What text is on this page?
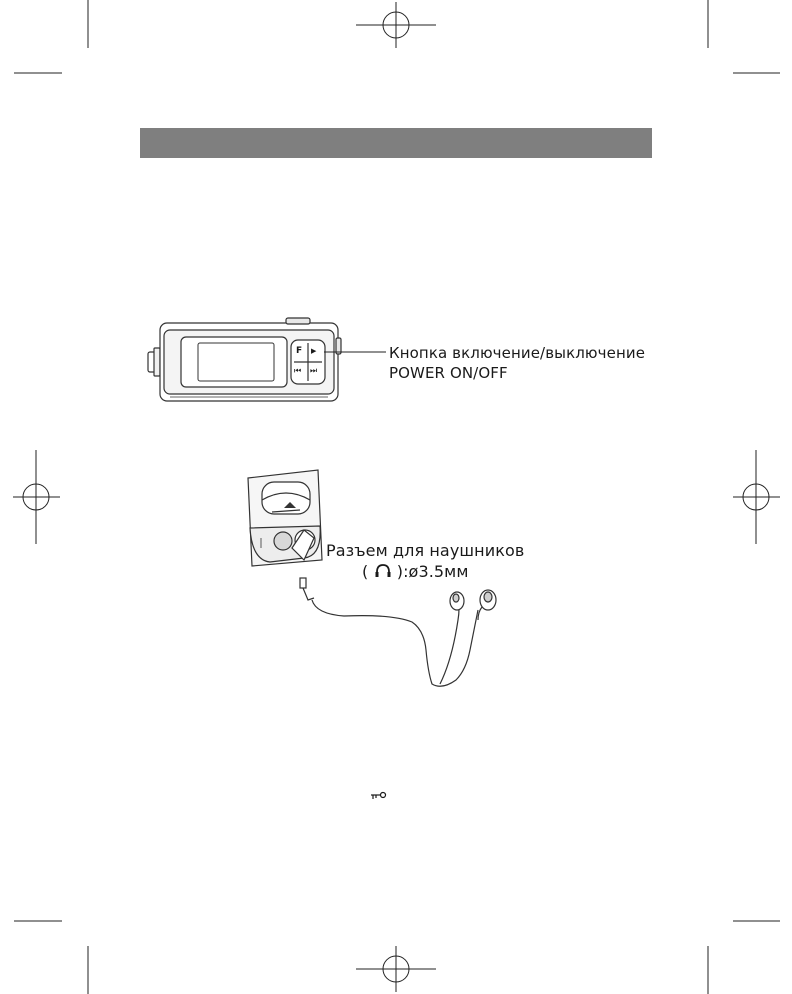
F ▶
⏮ ⏭
Кнопка включение/выключение
POWER ON/OFF
Разъем для наушников
( ):ø3.5мм
